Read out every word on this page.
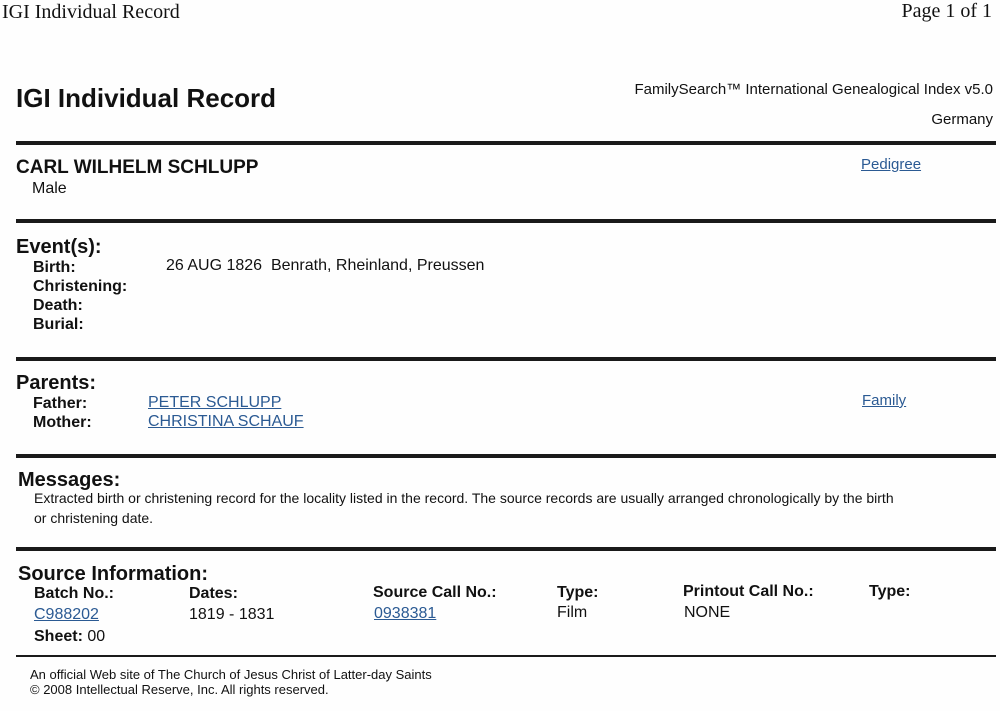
IGI Individual Record	Page 1 of 1
IGI Individual Record	FamilySearch™ International Genealogical Index v5.0
Germany
CARL WILHELM SCHLUPP
Male
Pedigree
Event(s):
Birth:	26 AUG 1826  Benrath, Rheinland, Preussen
Christening:
Death:
Burial:
Parents:
Father:	PETER SCHLUPP
Mother:	CHRISTINA SCHAUF
Family
Messages:
Extracted birth or christening record for the locality listed in the record. The source records are usually arranged chronologically by the birth
or christening date.
Source Information:
Batch No.:
C988202
Sheet: 00
Dates:
1819 - 1831
Source Call No.:
0938381
Type:
Film
Printout Call No.:
NONE
Type:
An official Web site of The Church of Jesus Christ of Latter-day Saints
© 2008 Intellectual Reserve, Inc. All rights reserved.
